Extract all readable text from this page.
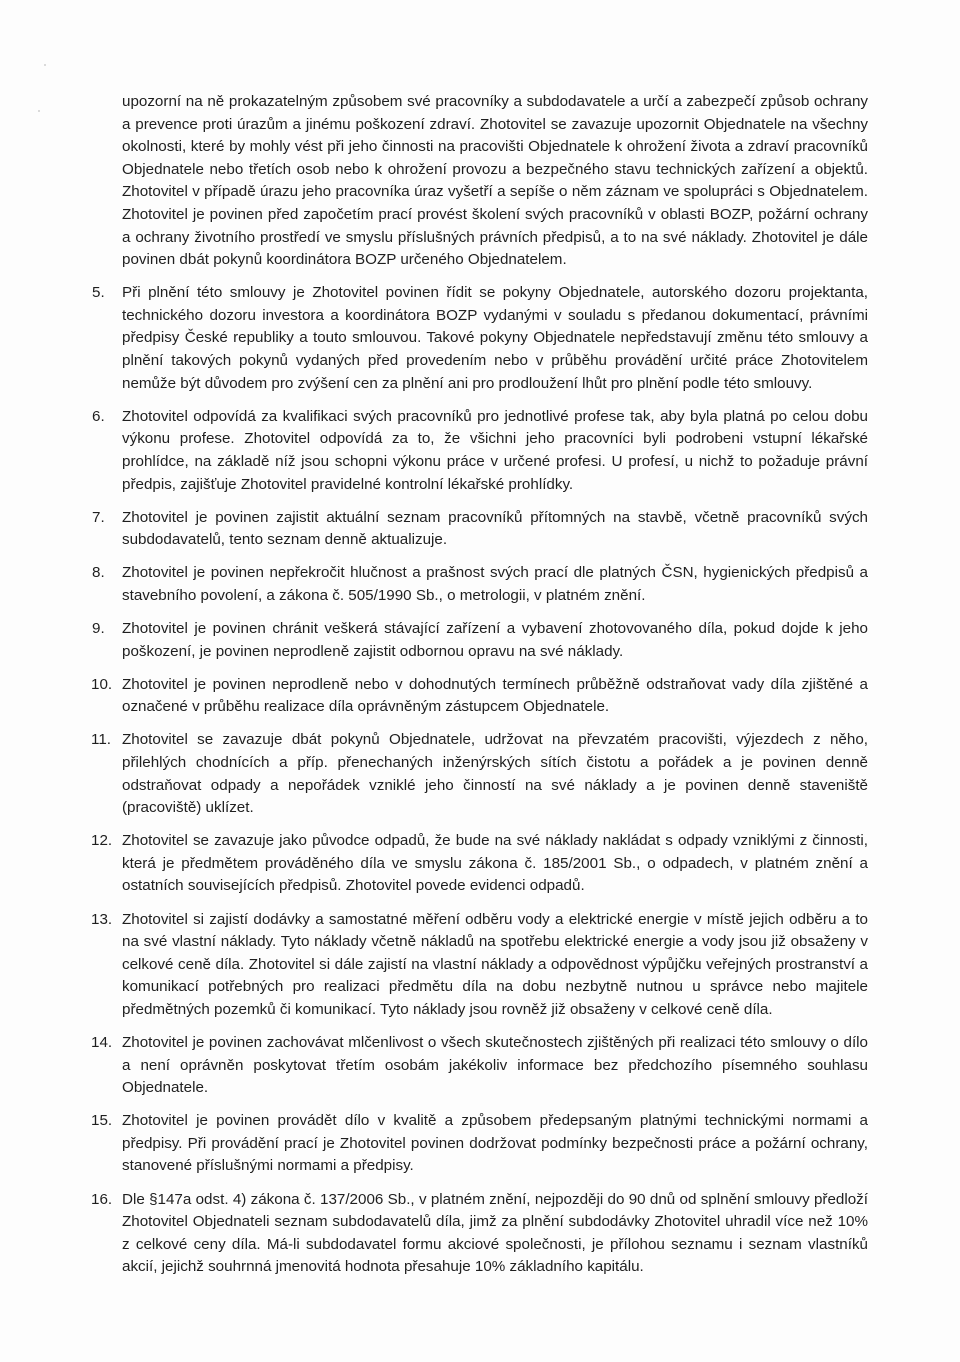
upozorní na ně prokazatelným způsobem své pracovníky a subdodavatele a určí a zabezpečí způsob ochrany a prevence proti úrazům a jinému poškození zdraví. Zhotovitel se zavazuje upozornit Objednatele na všechny okolnosti, které by mohly vést při jeho činnosti na pracovišti Objednatele k ohrožení života a zdraví pracovníků Objednatele nebo třetích osob nebo k ohrožení provozu a bezpečného stavu technických zařízení a objektů. Zhotovitel v případě úrazu jeho pracovníka úraz vyšetří a sepíše o něm záznam ve spolupráci s Objednatelem. Zhotovitel je povinen před započetím prací provést školení svých pracovníků v oblasti BOZP, požární ochrany a ochrany životního prostředí ve smyslu příslušných právních předpisů, a to na své náklady. Zhotovitel je dále povinen dbát pokynů koordinátora BOZP určeného Objednatelem.

5. Při plnění této smlouvy je Zhotovitel povinen řídit se pokyny Objednatele, autorského dozoru projektanta, technického dozoru investora a koordinátora BOZP vydanými v souladu s předanou dokumentací, právními předpisy České republiky a touto smlouvou. Takové pokyny Objednatele nepředstavují změnu této smlouvy a plnění takových pokynů vydaných před provedením nebo v průběhu provádění určité práce Zhotovitelem nemůže být důvodem pro zvýšení cen za plnění ani pro prodloužení lhůt pro plnění podle této smlouvy.

6. Zhotovitel odpovídá za kvalifikaci svých pracovníků pro jednotlivé profese tak, aby byla platná po celou dobu výkonu profese. Zhotovitel odpovídá za to, že všichni jeho pracovníci byli podrobeni vstupní lékařské prohlídce, na základě níž jsou schopni výkonu práce v určené profesi. U profesí, u nichž to požaduje právní předpis, zajišťuje Zhotovitel pravidelné kontrolní lékařské prohlídky.

7. Zhotovitel je povinen zajistit aktuální seznam pracovníků přítomných na stavbě, včetně pracovníků svých subdodavatelů, tento seznam denně aktualizuje.

8. Zhotovitel je povinen nepřekročit hlučnost a prašnost svých prací dle platných ČSN, hygienických předpisů a stavebního povolení, a zákona č. 505/1990 Sb., o metrologii, v platném znění.

9. Zhotovitel je povinen chránit veškerá stávající zařízení a vybavení zhotovovaného díla, pokud dojde k jeho poškození, je povinen neprodleně zajistit odbornou opravu na své náklady.

10. Zhotovitel je povinen neprodleně nebo v dohodnutých termínech průběžně odstraňovat vady díla zjištěné a označené v průběhu realizace díla oprávněným zástupcem Objednatele.

11. Zhotovitel se zavazuje dbát pokynů Objednatele, udržovat na převzatém pracovišti, výjezdech z něho, přilehlých chodnících a příp. přenechaných inženýrských sítích čistotu a pořádek a je povinen denně odstraňovat odpady a nepořádek vzniklé jeho činností na své náklady a je povinen denně staveniště (pracoviště) uklízet.

12. Zhotovitel se zavazuje jako původce odpadů, že bude na své náklady nakládat s odpady vzniklými z činnosti, která je předmětem prováděného díla ve smyslu zákona č. 185/2001 Sb., o odpadech, v platném znění a ostatních souvisejících předpisů. Zhotovitel povede evidenci odpadů.

13. Zhotovitel si zajistí dodávky a samostatné měření odběru vody a elektrické energie v místě jejich odběru a to na své vlastní náklady. Tyto náklady včetně nákladů na spotřebu elektrické energie a vody jsou již obsaženy v celkové ceně díla. Zhotovitel si dále zajistí na vlastní náklady a odpovědnost výpůjčku veřejných prostranství a komunikací potřebných pro realizaci předmětu díla na dobu nezbytně nutnou u správce nebo majitele předmětných pozemků či komunikací. Tyto náklady jsou rovněž již obsaženy v celkové ceně díla.

14. Zhotovitel je povinen zachovávat mlčenlivost o všech skutečnostech zjištěných při realizaci této smlouvy o dílo a není oprávněn poskytovat třetím osobám jakékoliv informace bez předchozího písemného souhlasu Objednatele.

15. Zhotovitel je povinen provádět dílo v kvalitě a způsobem předepsaným platnými technickými normami a předpisy. Při provádění prací je Zhotovitel povinen dodržovat podmínky bezpečnosti práce a požární ochrany, stanovené příslušnými normami a předpisy.

16. Dle §147a odst. 4) zákona č. 137/2006 Sb., v platném znění, nejpozději do 90 dnů od splnění smlouvy předloží Zhotovitel Objednateli seznam subdodavatelů díla, jimž za plnění subdodávky Zhotovitel uhradil více než 10% z celkové ceny díla. Má-li subdodavatel formu akciové společnosti, je přílohou seznamu i seznam vlastníků akcií, jejichž souhrnná jmenovitá hodnota přesahuje 10% základního kapitálu.
